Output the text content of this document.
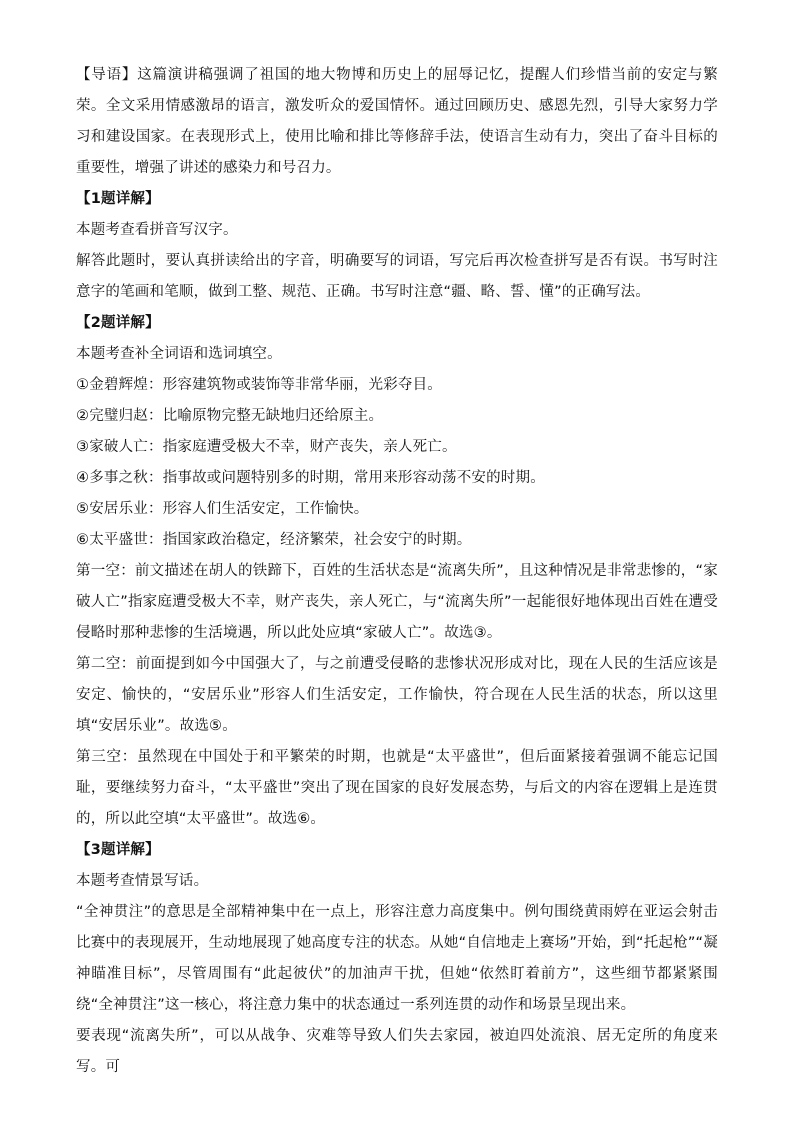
【导语】这篇演讲稿强调了祖国的地大物博和历史上的屈辱记忆，提醒人们珍惜当前的安定与繁荣。全文采用情感激昂的语言，激发听众的爱国情怀。通过回顾历史、感恩先烈，引导大家努力学习和建设国家。在表现形式上，使用比喻和排比等修辞手法，使语言生动有力，突出了奋斗目标的重要性，增强了讲述的感染力和号召力。

【1题详解】

本题考查看拼音写汉字。

解答此题时，要认真拼读给出的字音，明确要写的词语，写完后再次检查拼写是否有误。书写时注意字的笔画和笔顺，做到工整、规范、正确。书写时注意“疆、略、誓、懂”的正确写法。

【2题详解】

本题考查补全词语和选词填空。

①金碧辉煌：形容建筑物或装饰等非常华丽，光彩夺目。

②完璧归赵：比喻原物完整无缺地归还给原主。

③家破人亡：指家庭遭受极大不幸，财产丧失，亲人死亡。

④多事之秋：指事故或问题特别多的时期，常用来形容动荡不安的时期。

⑤安居乐业：形容人们生活安定，工作愉快。

⑥太平盛世：指国家政治稳定，经济繁荣，社会安宁的时期。

第一空：前文描述在胡人的铁蹄下，百姓的生活状态是“流离失所”，且这种情况是非常悲惨的，“家破人亡”指家庭遭受极大不幸，财产丧失，亲人死亡，与“流离失所”一起能很好地体现出百姓在遭受侵略时那种悲惨的生活境遇，所以此处应填“家破人亡”。故选③。

第二空：前面提到如今中国强大了，与之前遭受侵略的悲惨状况形成对比，现在人民的生活应该是安定、愉快的，“安居乐业”形容人们生活安定，工作愉快，符合现在人民生活的状态，所以这里填“安居乐业”。故选⑤。

第三空：虽然现在中国处于和平繁荣的时期，也就是“太平盛世”，但后面紧接着强调不能忘记国耻，要继续努力奋斗，“太平盛世”突出了现在国家的良好发展态势，与后文的内容在逻辑上是连贯的，所以此空填“太平盛世”。故选⑥。

【3题详解】

本题考查情景写话。

“全神贯注”的意思是全部精神集中在一点上，形容注意力高度集中。例句围绕黄雨婷在亚运会射击比赛中的表现展开，生动地展现了她高度专注的状态。从她“自信地走上赛场”开始，到“托起枪”“凝神瞄准目标”，尽管周围有“此起彼伏”的加油声干扰，但她“依然盯着前方”，这些细节都紧紧围绕“全神贯注”这一核心，将注意力集中的状态通过一系列连贯的动作和场景呈现出来。

要表现“流离失所”，可以从战争、灾难等导致人们失去家园，被迫四处流浪、居无定所的角度来写。可
